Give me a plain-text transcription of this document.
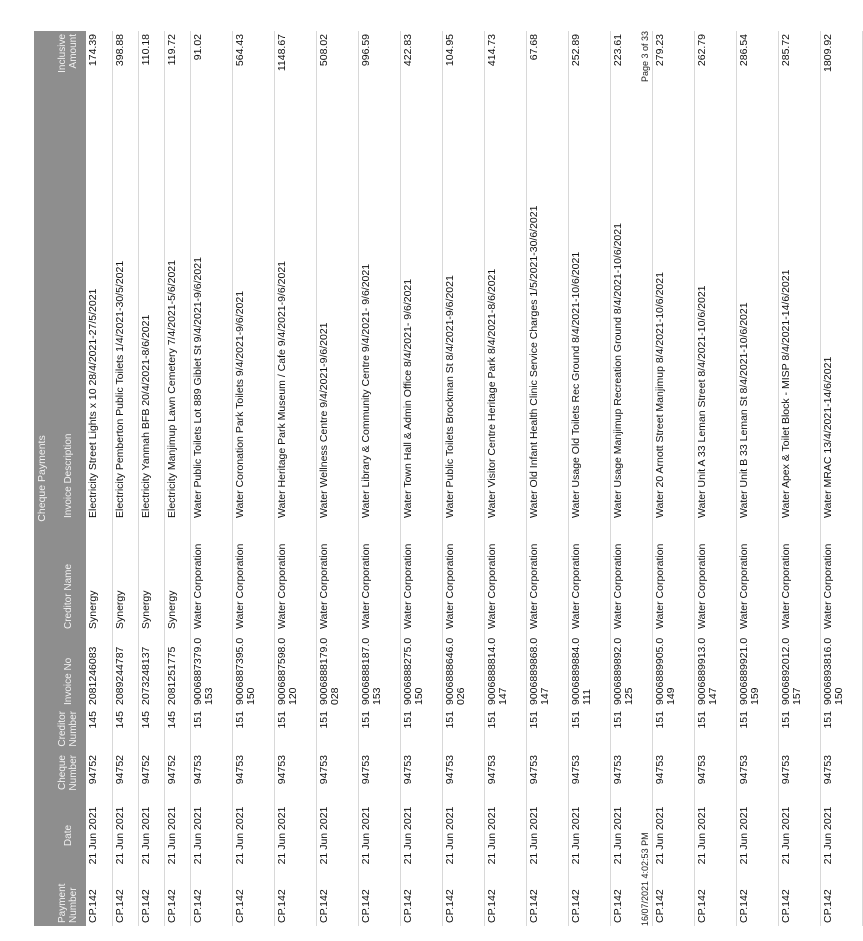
Cheque Payments							
Payment Number	Date	Cheque Number	Creditor Number	Invoice No	Creditor Name	Invoice Description	Inclusive Amount
CP.142	21 Jun 2021	94752	145	2081246083	Synergy	Electricity Street Lights x 10 28/4/2021-27/5/2021	174.39
CP.142	21 Jun 2021	94752	145	2089244787	Synergy	Electricity Pemberton Public Toilets 1/4/2021-30/5/2021	398.88
CP.142	21 Jun 2021	94752	145	2073248137	Synergy	Electricity Yanmah BFB 20/4/2021-8/6/2021	110.18
CP.142	21 Jun 2021	94752	145	2081251775	Synergy	Electricity Manjimup Lawn Cemetery 7/4/2021-5/6/2021	119.72
CP.142	21 Jun 2021	94753	151	9006887379.0153	Water Corporation	Water Public Toilets Lot 889 Giblet St 9/4/2021-9/6/2021	91.02
CP.142	21 Jun 2021	94753	151	9006887395.0150	Water Corporation	Water Coronation Park Toilets 9/4/2021-9/6/2021	564.43
CP.142	21 Jun 2021	94753	151	9006887598.0120	Water Corporation	Water Heritage Park Museum / Cafe 9/4/2021-9/6/2021	1148.67
CP.142	21 Jun 2021	94753	151	9006888179.0028	Water Corporation	Water Wellness Centre 9/4/2021-9/6/2021	508.02
CP.142	21 Jun 2021	94753	151	9006888187.0153	Water Corporation	Water Library & Community Centre 9/4/2021- 9/6/2021	996.59
CP.142	21 Jun 2021	94753	151	9006888275.0150	Water Corporation	Water Town Hall & Admin Office 8/4/2021- 9/6/2021	422.83
CP.142	21 Jun 2021	94753	151	9006888646.0026	Water Corporation	Water Public Toilets Brockman St 8/4/2021-9/6/2021	104.95
CP.142	21 Jun 2021	94753	151	9006888814.0147	Water Corporation	Water Visitor Centre Heritage Park 8/4/2021-8/6/2021	414.73
CP.142	21 Jun 2021	94753	151	9006889868.0147	Water Corporation	Water Old Infant Health Clinic Service Charges 1/5/2021-30/6/2021	67.68
CP.142	21 Jun 2021	94753	151	9006889884.0111	Water Corporation	Water Usage Old Toilets Rec Ground 8/4/2021-10/6/2021	252.89
CP.142	21 Jun 2021	94753	151	9006889892.0125	Water Corporation	Water Usage Manjimup Recreation Ground 8/4/2021-10/6/2021	223.61
CP.142	21 Jun 2021	94753	151	9006889905.0149	Water Corporation	Water 20 Arnott Street Manjimup 8/4/2021-10/6/2021	279.23
CP.142	21 Jun 2021	94753	151	9006889913.0147	Water Corporation	Water Unit A 33 Leman Street 8/4/2021-10/6/2021	262.79
CP.142	21 Jun 2021	94753	151	9006889921.0159	Water Corporation	Water Unit B 33 Leman St 8/4/2021-10/6/2021	286.54
CP.142	21 Jun 2021	94753	151	9006892012.0157	Water Corporation	Water Apex & Toilet Block - MISP 8/4/2021-14/6/2021	285.72
CP.142	21 Jun 2021	94753	151	9006893816.0150	Water Corporation	Water MRAC 13/4/2021-14/6/2021	1809.92
16/07/2021 4:02:53 PM
Page 3 of 33
